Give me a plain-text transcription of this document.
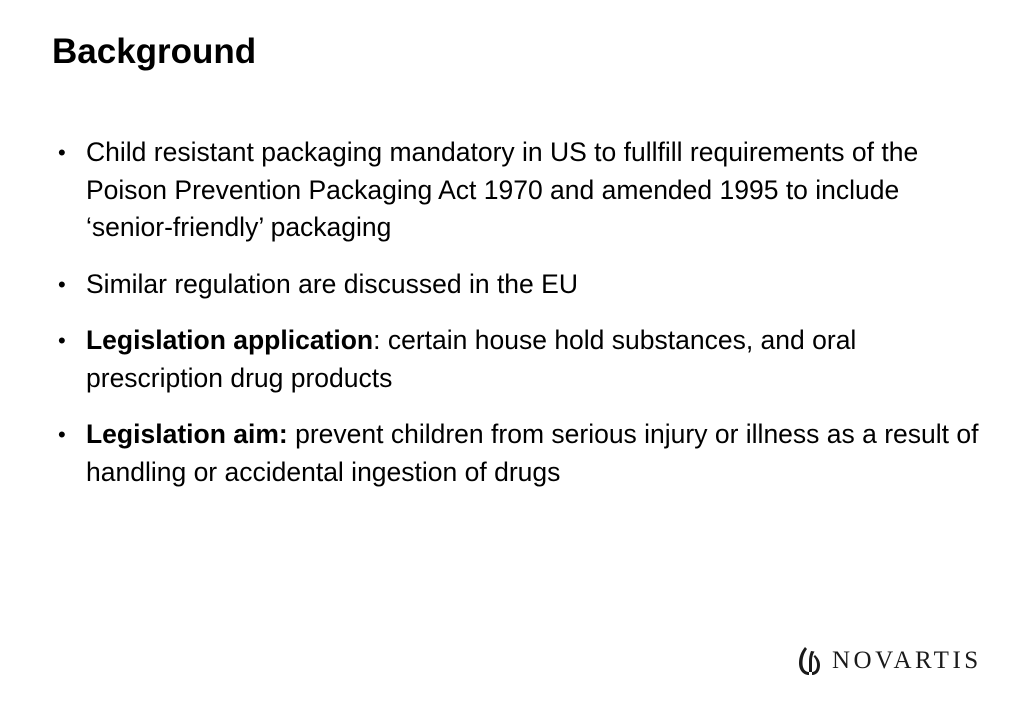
Background
• Child resistant packaging mandatory in US to fullfill requirements of the Poison Prevention Packaging Act 1970 and amended 1995 to include ‘senior-friendly’ packaging
• Similar regulation are discussed in the EU
• Legislation application: certain house hold substances, and oral prescription drug products
• Legislation aim: prevent children from serious injury or illness as a result of handling or accidental ingestion of drugs
NOVARTIS
